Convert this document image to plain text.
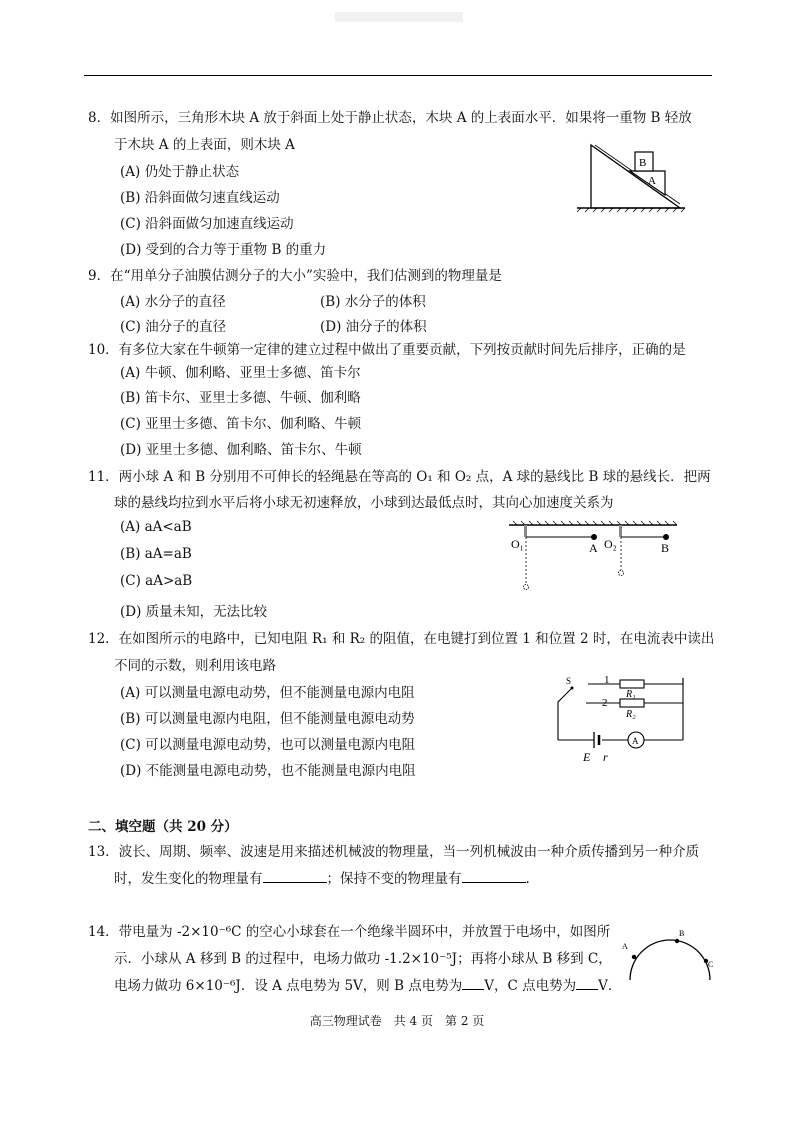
8．如图所示，三角形木块 A 放于斜面上处于静止状态，木块 A 的上表面水平．如果将一重物 B 轻放
于木块 A 的上表面，则木块 A
(A) 仍处于静止状态
(B) 沿斜面做匀速直线运动
(C) 沿斜面做匀加速直线运动
(D) 受到的合力等于重物 B 的重力
B
A
9．在“用单分子油膜估测分子的大小”实验中，我们估测到的物理量是
(A) 水分子的直径	(B) 水分子的体积
(C) 油分子的直径	(D) 油分子的体积
10．有多位大家在牛顿第一定律的建立过程中做出了重要贡献，下列按贡献时间先后排序，正确的是
(A) 牛顿、伽利略、亚里士多德、笛卡尔
(B) 笛卡尔、亚里士多德、牛顿、伽利略
(C) 亚里士多德、笛卡尔、伽利略、牛顿
(D) 亚里士多德、伽利略、笛卡尔、牛顿
11．两小球 A 和 B 分别用不可伸长的轻绳悬在等高的 O₁ 和 O₂ 点，A 球的悬线比 B 球的悬线长．把两
球的悬线均拉到水平后将小球无初速释放，小球到达最低点时，其向心加速度关系为
(A) aA<aB
(B) aA=aB
(C) aA>aB
(D) 质量未知，无法比较
O₁	A O₂	B
12．在如图所示的电路中，已知电阻 R₁ 和 R₂ 的阻值，在电键打到位置 1 和位置 2 时，在电流表中读出
不同的示数，则利用该电路
(A) 可以测量电源电动势，但不能测量电源内电阻
(B) 可以测量电源内电阻，但不能测量电源电动势
(C) 可以测量电源电动势，也可以测量电源内电阻
(D) 不能测量电源电动势，也不能测量电源内电阻
S	1
2
R₁
R₂
A
E r
二、填空题（共 20 分）
13．波长、周期、频率、波速是用来描述机械波的物理量，当一列机械波由一种介质传播到另一种介质
时，发生变化的物理量有	；保持不变的物理量有	.
14．带电量为 -2×10⁻⁶C 的空心小球套在一个绝缘半圆环中，并放置于电场中，如图所
示．小球从 A 移到 B 的过程中，电场力做功 -1.2×10⁻⁵J；再将小球从 B 移到 C，
电场力做功 6×10⁻⁶J．设 A 点电势为 5V，则 B 点电势为 V，C 点电势为 V．
A
B
C
高三物理试卷　共 4 页　第 2 页
